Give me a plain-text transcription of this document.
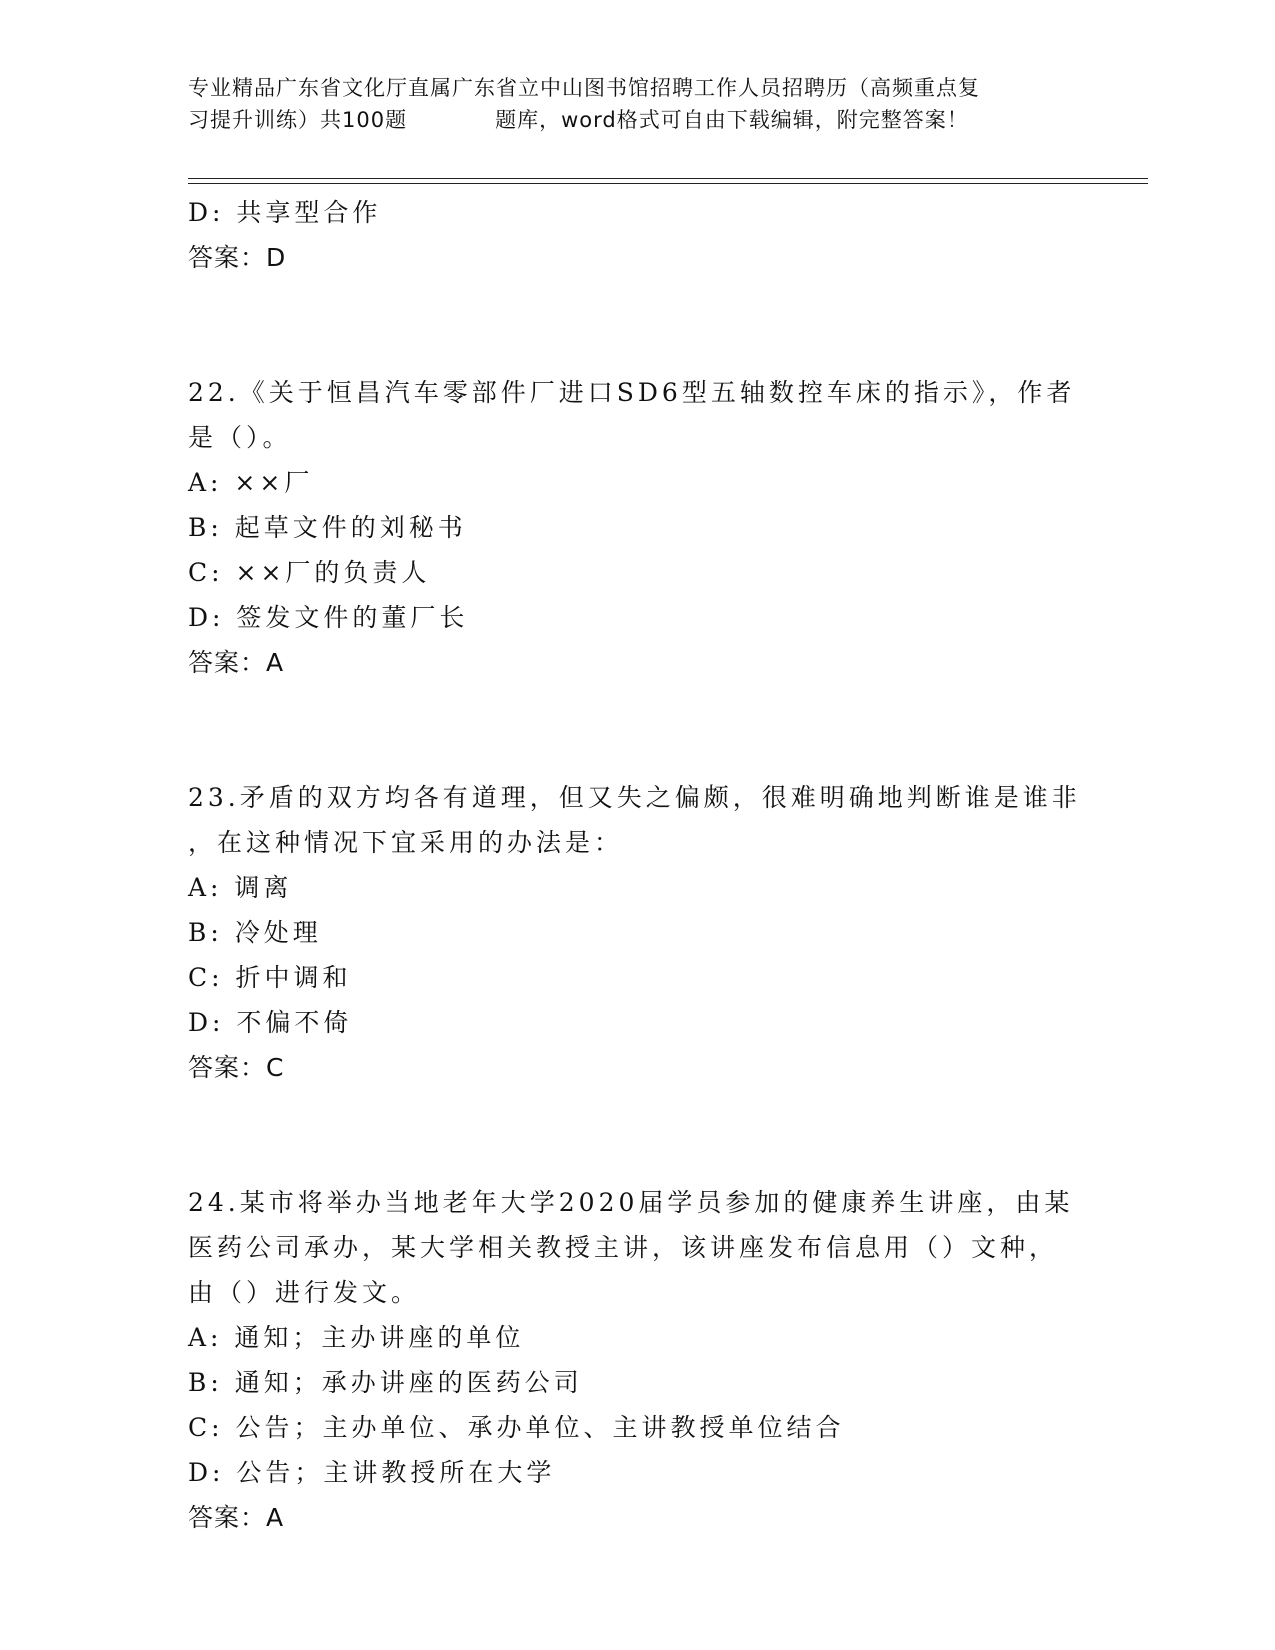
专业精品广东省文化厅直属广东省立中山图书馆招聘工作人员招聘历（高频重点复
习提升训练）共100题　　　　题库，word格式可自由下载编辑，附完整答案！
D: 共享型合作
答案：D
22.《关于恒昌汽车零部件厂进口SD6型五轴数控车床的指示》，作者
是（）。
A: ××厂
B: 起草文件的刘秘书
C: ××厂的负责人
D: 签发文件的董厂长
答案：A
23.矛盾的双方均各有道理，但又失之偏颇，很难明确地判断谁是谁非
，在这种情况下宜采用的办法是：
A: 调离
B: 冷处理
C: 折中调和
D: 不偏不倚
答案：C
24.某市将举办当地老年大学2020届学员参加的健康养生讲座，由某
医药公司承办，某大学相关教授主讲，该讲座发布信息用（）文种，
由（）进行发文。
A: 通知；主办讲座的单位
B: 通知；承办讲座的医药公司
C: 公告；主办单位、承办单位、主讲教授单位结合
D: 公告；主讲教授所在大学
答案：A
